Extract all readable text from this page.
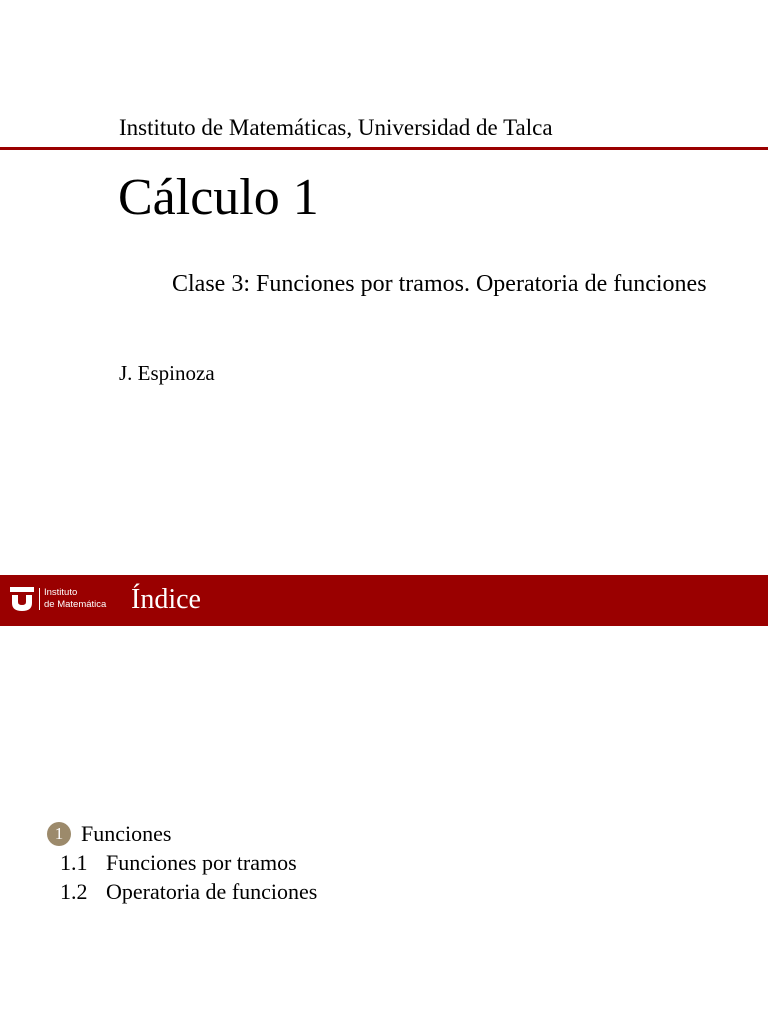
Instituto de Matemáticas, Universidad de Talca
Cálculo 1
Clase 3: Funciones por tramos. Operatoria de funciones
J. Espinoza
Instituto
de Matemática Índice
1 Funciones
1.1 Funciones por tramos
1.2 Operatoria de funciones
